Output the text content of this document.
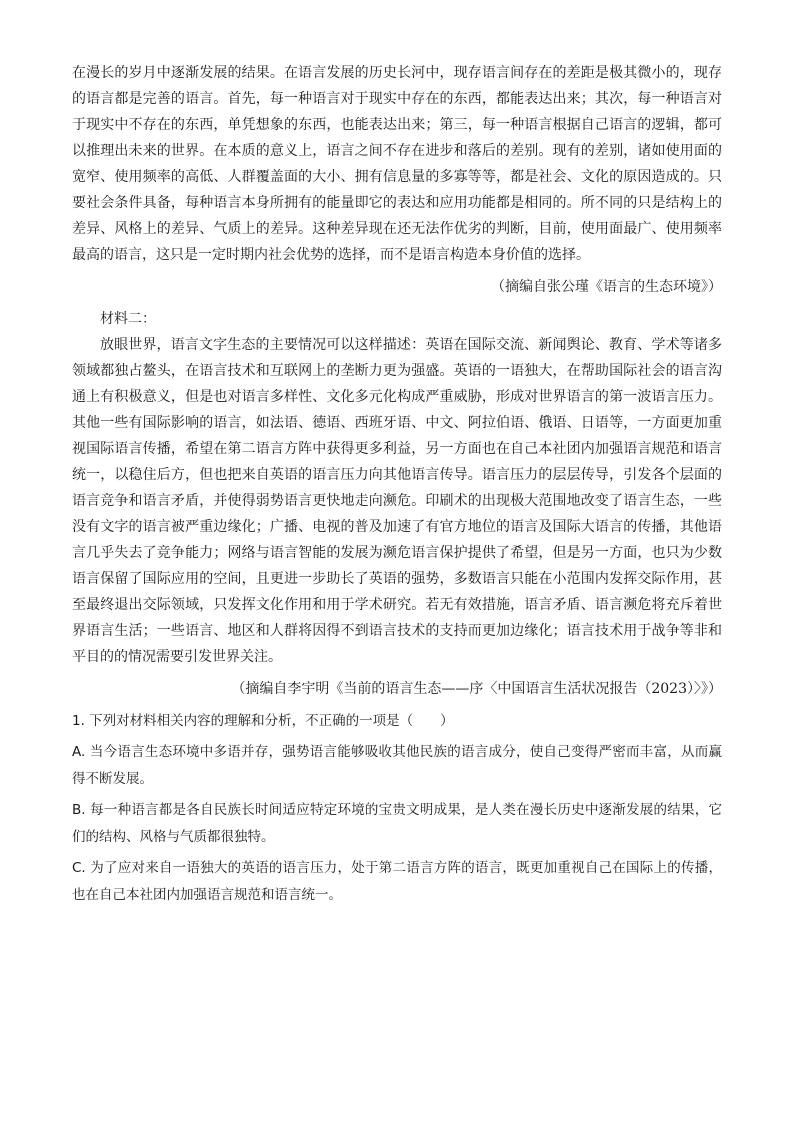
在漫长的岁月中逐渐发展的结果。在语言发展的历史长河中，现存语言间存在的差距是极其微小的，现存的语言都是完善的语言。首先，每一种语言对于现实中存在的东西，都能表达出来；其次，每一种语言对于现实中不存在的东西，单凭想象的东西，也能表达出来；第三，每一种语言根据自己语言的逻辑，都可以推理出未来的世界。在本质的意义上，语言之间不存在进步和落后的差别。现有的差别，诸如使用面的宽窄、使用频率的高低、人群覆盖面的大小、拥有信息量的多寡等等，都是社会、文化的原因造成的。只要社会条件具备，每种语言本身所拥有的能量即它的表达和应用功能都是相同的。所不同的只是结构上的差异、风格上的差异、气质上的差异。这种差异现在还无法作优劣的判断，目前，使用面最广、使用频率最高的语言，这只是一定时期内社会优势的选择，而不是语言构造本身价值的选择。

（摘编自张公瑾《语言的生态环境》）

材料二：

放眼世界，语言文字生态的主要情况可以这样描述：英语在国际交流、新闻舆论、教育、学术等诸多领域都独占鳌头，在语言技术和互联网上的垄断力更为强盛。英语的一语独大，在帮助国际社会的语言沟通上有积极意义，但是也对语言多样性、文化多元化构成严重威胁，形成对世界语言的第一波语言压力。其他一些有国际影响的语言，如法语、德语、西班牙语、中文、阿拉伯语、俄语、日语等，一方面更加重视国际语言传播，希望在第二语言方阵中获得更多利益，另一方面也在自己本社团内加强语言规范和语言统一，以稳住后方，但也把来自英语的语言压力向其他语言传导。语言压力的层层传导，引发各个层面的语言竞争和语言矛盾，并使得弱势语言更快地走向濒危。印刷术的出现极大范围地改变了语言生态，一些没有文字的语言被严重边缘化；广播、电视的普及加速了有官方地位的语言及国际大语言的传播，其他语言几乎失去了竞争能力；网络与语言智能的发展为濒危语言保护提供了希望，但是另一方面，也只为少数语言保留了国际应用的空间，且更进一步助长了英语的强势，多数语言只能在小范围内发挥交际作用，甚至最终退出交际领域，只发挥文化作用和用于学术研究。若无有效措施，语言矛盾、语言濒危将充斥着世界语言生活；一些语言、地区和人群将因得不到语言技术的支持而更加边缘化；语言技术用于战争等非和平目的的情况需要引发世界关注。

（摘编自李宇明《当前的语言生态——序〈中国语言生活状况报告（2023）〉》）

1. 下列对材料相关内容的理解和分析，不正确的一项是（　　）

A. 当今语言生态环境中多语并存，强势语言能够吸收其他民族的语言成分，使自己变得严密而丰富，从而赢得不断发展。

B. 每一种语言都是各自民族长时间适应特定环境的宝贵文明成果，是人类在漫长历史中逐渐发展的结果，它们的结构、风格与气质都很独特。

C. 为了应对来自一语独大的英语的语言压力，处于第二语言方阵的语言，既更加重视自己在国际上的传播，也在自己本社团内加强语言规范和语言统一。
